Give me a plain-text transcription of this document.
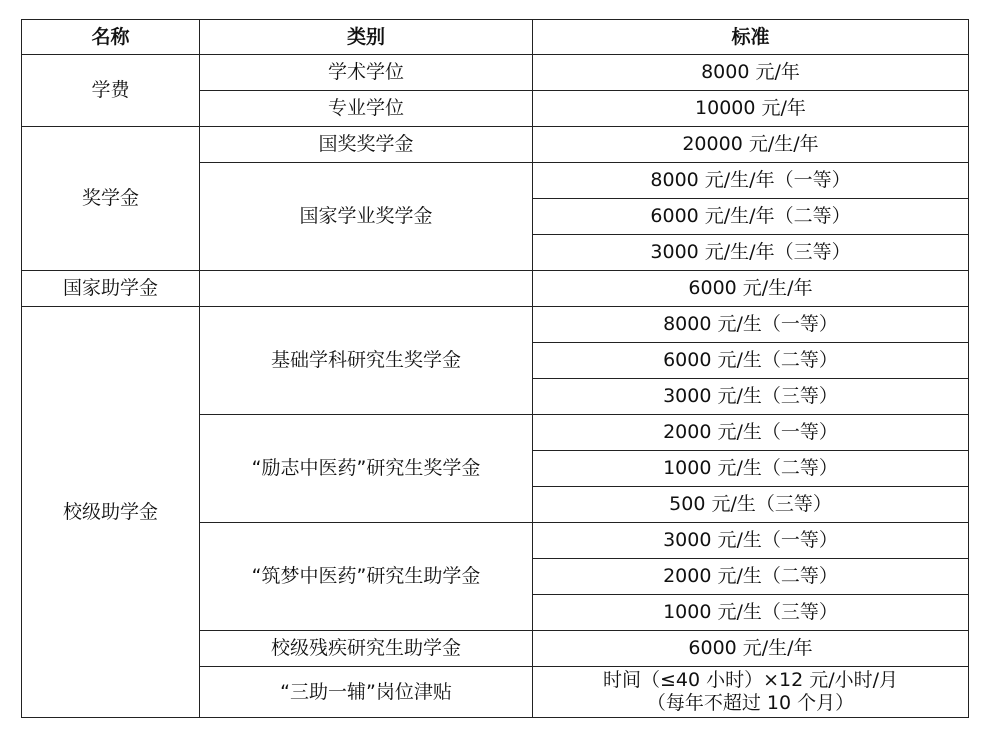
名称	类别	标准
学费	学术学位	8000 元/年
	专业学位	10000 元/年
奖学金	国奖奖学金	20000 元/生/年
	国家学业奖学金	8000 元/生/年（一等）
		6000 元/生/年（二等）
		3000 元/生/年（三等）
国家助学金		6000 元/生/年
校级助学金	基础学科研究生奖学金	8000 元/生（一等）
		6000 元/生（二等）
		3000 元/生（三等）
	“励志中医药”研究生奖学金	2000 元/生（一等）
		1000 元/生（二等）
		500 元/生（三等）
	“筑梦中医药”研究生助学金	3000 元/生（一等）
		2000 元/生（二等）
		1000 元/生（三等）
	校级残疾研究生助学金	6000 元/生/年
	“三助一辅”岗位津贴	时间（≤40 小时）×12 元/小时/月
（每年不超过 10 个月）
